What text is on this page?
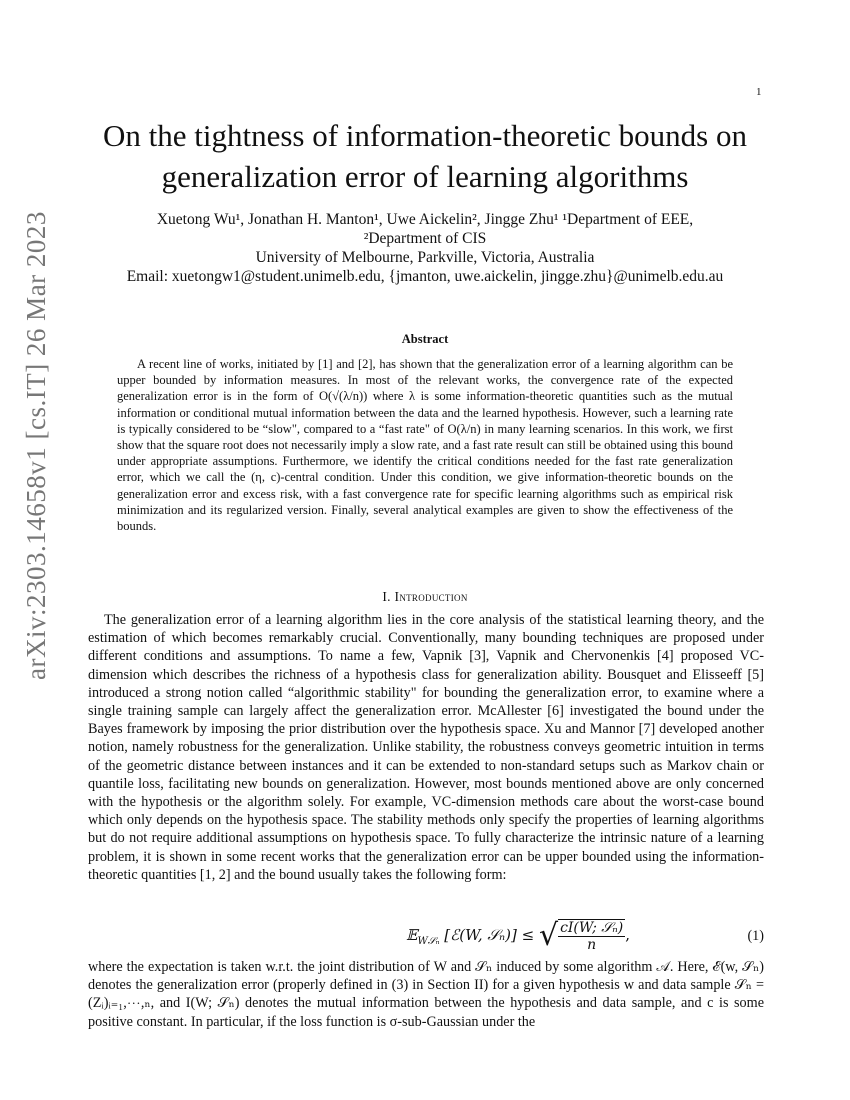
1
arXiv:2303.14658v1 [cs.IT] 26 Mar 2023
On the tightness of information-theoretic bounds on generalization error of learning algorithms
Xuetong Wu¹, Jonathan H. Manton¹, Uwe Aickelin², Jingge Zhu¹ ¹Department of EEE,
²Department of CIS
University of Melbourne, Parkville, Victoria, Australia
Email: xuetongw1@student.unimelb.edu, {jmanton, uwe.aickelin, jingge.zhu}@unimelb.edu.au
Abstract

A recent line of works, initiated by [1] and [2], has shown that the generalization error of a learning algorithm can be upper bounded by information measures. In most of the relevant works, the convergence rate of the expected generalization error is in the form of O(√(λ/n)) where λ is some information-theoretic quantities such as the mutual information or conditional mutual information between the data and the learned hypothesis. However, such a learning rate is typically considered to be “slow", compared to a “fast rate" of O(λ/n) in many learning scenarios. In this work, we first show that the square root does not necessarily imply a slow rate, and a fast rate result can still be obtained using this bound under appropriate assumptions. Furthermore, we identify the critical conditions needed for the fast rate generalization error, which we call the (η, c)-central condition. Under this condition, we give information-theoretic bounds on the generalization error and excess risk, with a fast convergence rate for specific learning algorithms such as empirical risk minimization and its regularized version. Finally, several analytical examples are given to show the effectiveness of the bounds.

I. Introduction

The generalization error of a learning algorithm lies in the core analysis of the statistical learning theory, and the estimation of which becomes remarkably crucial. Conventionally, many bounding techniques are proposed under different conditions and assumptions. To name a few, Vapnik [3], Vapnik and Chervonenkis [4] proposed VC-dimension which describes the richness of a hypothesis class for generalization ability. Bousquet and Elisseeff [5] introduced a strong notion called “algorithmic stability" for bounding the generalization error, to examine where a single training sample can largely affect the generalization error. McAllester [6] investigated the bound under the Bayes framework by imposing the prior distribution over the hypothesis space. Xu and Mannor [7] developed another notion, namely robustness for the generalization. Unlike stability, the robustness conveys geometric intuition in terms of the geometric distance between instances and it can be extended to non-standard setups such as Markov chain or quantile loss, facilitating new bounds on generalization. However, most bounds mentioned above are only concerned with the hypothesis or the algorithm solely. For example, VC-dimension methods care about the worst-case bound which only depends on the hypothesis space. The stability methods only specify the properties of learning algorithms but do not require additional assumptions on hypothesis space. To fully characterize the intrinsic nature of a learning problem, it is shown in some recent works that the generalization error can be upper bounded using the information-theoretic quantities [1, 2] and the bound usually takes the following form:

𝔼$_{W𝒮_n}$ [ℰ(W, 𝒮ₙ)] ≤ √ $\frac{\text{cI(W; 𝒮ₙ)}}{n}$ ,	(1)

where the expectation is taken w.r.t. the joint distribution of W and 𝒮ₙ induced by some algorithm 𝒜. Here, ℰ(w, 𝒮ₙ) denotes the generalization error (properly defined in (3) in Section II) for a given hypothesis w and data sample 𝒮ₙ = (Zᵢ)ᵢ₌₁,⋯,ₙ, and I(W; 𝒮ₙ) denotes the mutual information between the hypothesis and data sample, and c is some positive constant. In particular, if the loss function is σ-sub-Gaussian under the
